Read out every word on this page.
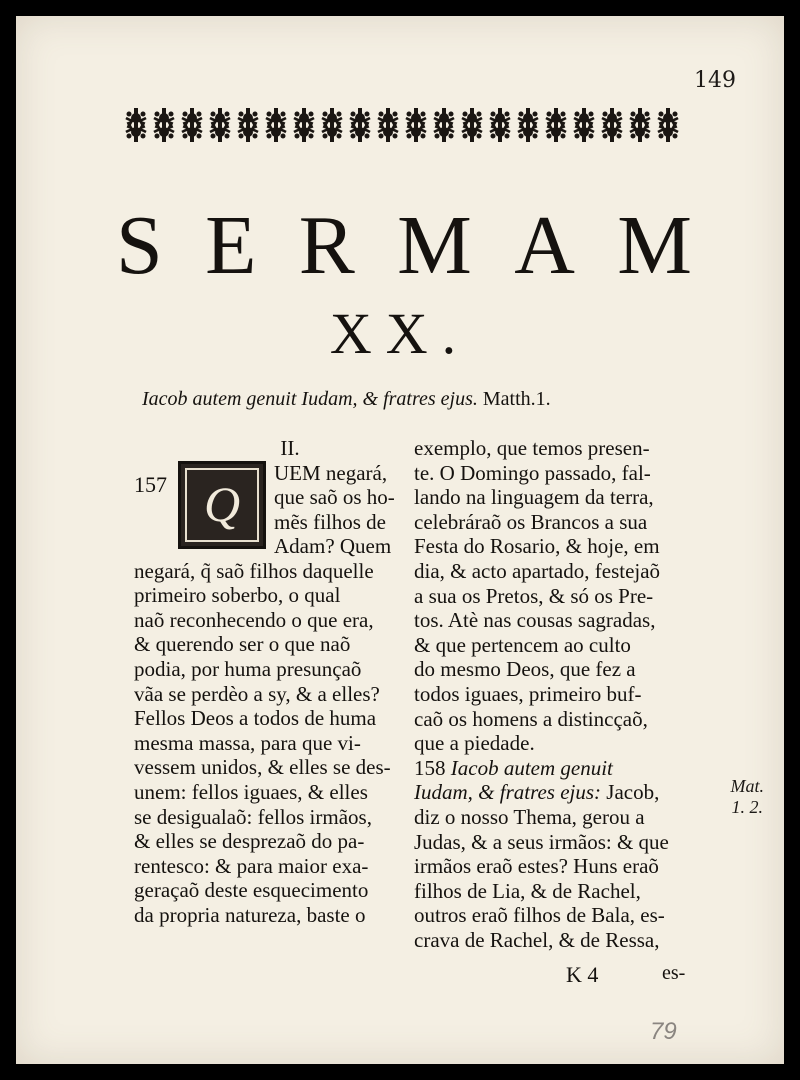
149
S E R M A M
XX.
Iacob autem genuit Iudam, & fratres ejus. Matth.1.
II.
157 Q
UEM negará,
que saõ os ho-
mẽs filhos de
Adam? Quem
negará, q̃ saõ filhos daquelle
primeiro soberbo, o qual
naõ reconhecendo o que era,
& querendo ser o que naõ
podia, por huma presunçaõ
vãa se perdèo a sy, & a elles?
Fellos Deos a todos de huma
mesma massa, para que vi-
vessem unidos, & elles se des-
unem: fellos iguaes, & elles
se desigualaõ: fellos irmãos,
& elles se desprezaõ do pa-
rentesco: & para maior exa-
geraçaõ deste esquecimento
da propria natureza, baste o
exemplo, que temos presen-
te. O Domingo passado, fal-
lando na linguagem da terra,
celebráraõ os Brancos a sua
Festa do Rosario, & hoje, em
dia, & acto apartado, festejaõ
a sua os Pretos, & só os Pre-
tos. Atè nas cousas sagradas,
& que pertencem ao culto
do mesmo Deos, que fez a
todos iguaes, primeiro buf-
caõ os homens a distincçaõ,
que a piedade.
158 Iacob autem genuit
Iudam, & fratres ejus: Jacob,
diz o nosso Thema, gerou a
Judas, & a seus irmãos: & que
irmãos eraõ estes? Huns eraõ
filhos de Lia, & de Rachel,
outros eraõ filhos de Bala, es-
crava de Rachel, & de Ressa,
Mat.
1. 2.
K 4	es-
79
